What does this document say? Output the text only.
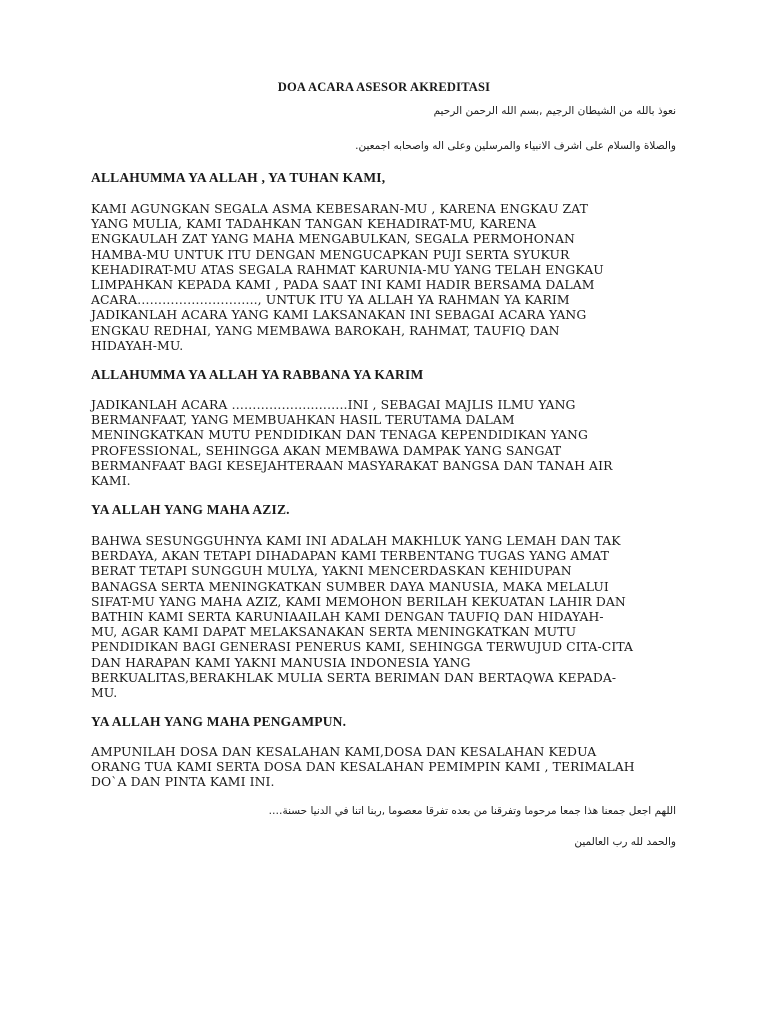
DOA ACARA ASESOR AKREDITASI
نعوذ بالله من الشيطان الرجيم ,بسم الله الرحمن الرحيم
والصلاة والسلام على اشرف الانبياء والمرسلين وعلى اله واصحابه اجمعين.
ALLAHUMMA YA ALLAH , YA TUHAN KAMI,
KAMI AGUNGKAN SEGALA ASMA KEBESARAN-MU , KARENA ENGKAU ZAT
YANG MULIA, KAMI TADAHKAN TANGAN KEHADIRAT-MU, KARENA
ENGKAULAH ZAT YANG MAHA MENGABULKAN, SEGALA PERMOHONAN
HAMBA-MU UNTUK ITU DENGAN MENGUCAPKAN PUJI SERTA SYUKUR
KEHADIRAT-MU ATAS SEGALA RAHMAT KARUNIA-MU YANG TELAH ENGKAU
LIMPAHKAN KEPADA KAMI , PADA SAAT INI KAMI HADIR BERSAMA DALAM
ACARA……………………….., UNTUK ITU YA ALLAH YA RAHMAN YA KARIM
JADIKANLAH ACARA YANG KAMI LAKSANAKAN INI SEBAGAI ACARA YANG
ENGKAU REDHAI, YANG MEMBAWA BAROKAH, RAHMAT, TAUFIQ DAN
HIDAYAH-MU.
ALLAHUMMA YA ALLAH YA RABBANA YA KARIM
JADIKANLAH ACARA ………………..……..INI , SEBAGAI MAJLIS ILMU YANG
BERMANFAAT, YANG MEMBUAHKAN HASIL TERUTAMA DALAM
MENINGKATKAN MUTU PENDIDIKAN DAN TENAGA KEPENDIDIKAN YANG
PROFESSIONAL, SEHINGGA AKAN MEMBAWA DAMPAK YANG SANGAT
BERMANFAAT BAGI KESEJAHTERAAN MASYARAKAT BANGSA DAN TANAH AIR
KAMI.
YA ALLAH YANG MAHA AZIZ.
BAHWA SESUNGGUHNYA KAMI INI ADALAH MAKHLUK YANG LEMAH DAN TAK
BERDAYA, AKAN TETAPI DIHADAPAN KAMI TERBENTANG TUGAS YANG AMAT
BERAT TETAPI SUNGGUH MULYA, YAKNI MENCERDASKAN KEHIDUPAN
BANAGSA SERTA MENINGKATKAN SUMBER DAYA MANUSIA, MAKA MELALUI
SIFAT-MU YANG MAHA AZIZ, KAMI MEMOHON BERILAH KEKUATAN LAHIR DAN
BATHIN KAMI SERTA KARUNIAAILAH KAMI DENGAN TAUFIQ DAN HIDAYAH-
MU, AGAR KAMI DAPAT MELAKSANAKAN SERTA MENINGKATKAN MUTU
PENDIDIKAN BAGI GENERASI PENERUS KAMI, SEHINGGA TERWUJUD CITA-CITA
DAN HARAPAN KAMI YAKNI MANUSIA INDONESIA YANG
BERKUALITAS,BERAKHLAK MULIA SERTA BERIMAN DAN BERTAQWA KEPADA-
MU.
YA ALLAH YANG MAHA PENGAMPUN.
AMPUNILAH DOSA DAN KESALAHAN KAMI,DOSA DAN KESALAHAN KEDUA
ORANG TUA KAMI SERTA DOSA DAN KESALAHAN PEMIMPIN KAMI , TERIMALAH
DO`A DAN PINTA KAMI INI.
اللهم اجعل جمعنا هذا جمعا مرحوما وتفرقنا من بعده تفرقا معصوما ,ربنا اتنا في الدنيا حسنة….
والحمد لله رب العالمين
